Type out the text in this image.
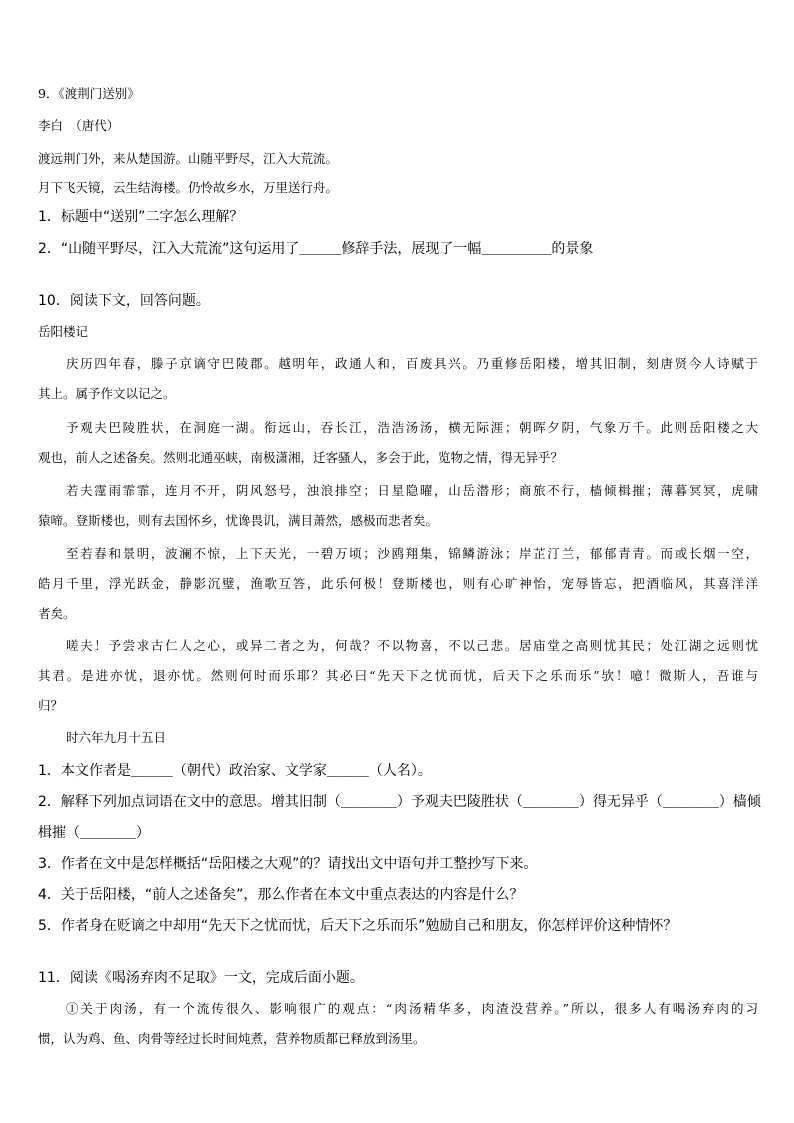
9．《渡荆门送别》
李白　（唐代）
渡远荆门外，来从楚国游。山随平野尽，江入大荒流。
月下飞天镜，云生结海楼。仍怜故乡水，万里送行舟。
1．标题中“送别”二字怎么理解？
2．“山随平野尽，江入大荒流”这句运用了＿＿＿修辞手法，展现了一幅＿＿＿＿＿的景象
10．阅读下文，回答问题。
岳阳楼记
庆历四年春，滕子京谪守巴陵郡。越明年，政通人和，百废具兴。乃重修岳阳楼，增其旧制，刻唐贤今人诗赋于
其上。属予作文以记之。
予观夫巴陵胜状，在洞庭一湖。衔远山，吞长江，浩浩汤汤，横无际涯；朝晖夕阴，气象万千。此则岳阳楼之大
观也，前人之述备矣。然则北通巫峡，南极潇湘，迁客骚人，多会于此，览物之情，得无异乎？
若夫霪雨霏霏，连月不开，阴风怒号，浊浪排空；日星隐曜，山岳潜形；商旅不行，樯倾楫摧；薄暮冥冥，虎啸
猿啼。登斯楼也，则有去国怀乡，忧谗畏讥，满目萧然，感极而悲者矣。
至若春和景明，波澜不惊，上下天光，一碧万顷；沙鸥翔集，锦鳞游泳；岸芷汀兰，郁郁青青。而或长烟一空，
皓月千里，浮光跃金，静影沉璧，渔歌互答，此乐何极！登斯楼也，则有心旷神怡，宠辱皆忘，把酒临风，其喜洋洋
者矣。
嗟夫！予尝求古仁人之心，或异二者之为，何哉？不以物喜，不以己悲。居庙堂之高则忧其民；处江湖之远则忧
其君。是进亦忧，退亦忧。然则何时而乐耶？其必曰“先天下之忧而忧，后天下之乐而乐”欤！噫！微斯人，吾谁与
归？
时六年九月十五日
1．本文作者是＿＿＿（朝代）政治家、文学家＿＿＿（人名）。
2．解释下列加点词语在文中的意思。增其旧制（＿＿＿＿）予观夫巴陵胜状（＿＿＿＿）得无异乎（＿＿＿＿）樯倾
楫摧（＿＿＿＿）
3．作者在文中是怎样概括“岳阳楼之大观”的？请找出文中语句并工整抄写下来。
4．关于岳阳楼，“前人之述备矣”，那么作者在本文中重点表达的内容是什么？
5．作者身在贬谪之中却用“先天下之忧而忧，后天下之乐而乐”勉励自己和朋友，你怎样评价这种情怀？
11．阅读《喝汤弃肉不足取》一文，完成后面小题。
①关于肉汤，有一个流传很久、影响很广的观点：“肉汤精华多，肉渣没营养。”所以，很多人有喝汤弃肉的习
惯，认为鸡、鱼、肉骨等经过长时间炖煮，营养物质都已释放到汤里。
